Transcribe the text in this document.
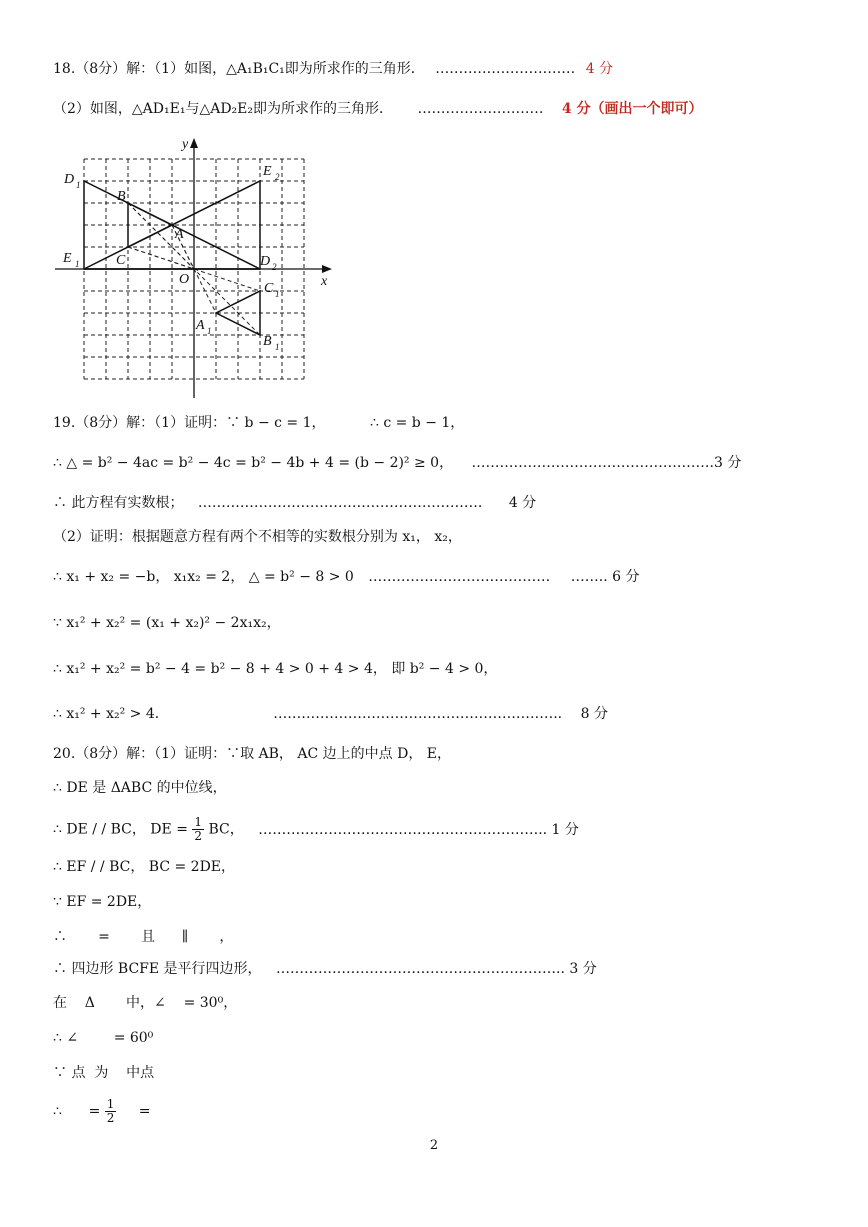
18.（8分）解：（1）如图，△A₁B₁C₁即为所求作的三角形． ………………………… 4 分
（2）如图，△AD₁E₁与△AD₂E₂即为所求作的三角形． ……………………… 4 分（画出一个即可）
x
y
O
D 1
E 2
B
A
E 1	C	D 2
C 1
A 1
B 1
19.（8分）解：（1）证明：∵ b − c = 1，	∴ c = b − 1，
∴ △ = b² − 4ac = b² − 4c = b² − 4b + 4 = (b − 2)² ≥ 0， …………………………………………….3 分
∴ 此方程有实数根； ……………………………………………………. 4 分
（2）证明：根据题意方程有两个不相等的实数根分别为 x₁， x₂，
∴ x₁ + x₂ = −b， x₁x₂ = 2， △ = b² − 8 > 0 ………………………………… …….. 6 分
∵ x₁² + x₂² = (x₁ + x₂)² − 2x₁x₂，
∴ x₁² + x₂² = b² − 4 = b² − 8 + 4 > 0 + 4 > 4， 即 b² − 4 > 0，
∴ x₁² + x₂² > 4．	…………………………………………………….. 8 分
20.（8分）解：（1）证明：∵取 AB， AC 边上的中点 D， E，
∴ DE 是 ΔABC 的中位线，
∴ DE / / BC， DE = $\frac{1}{2}$ BC， …………………………………………………….. 1 分
∴ EF / / BC， BC = 2DE，
∵ EF = 2DE，
∴       =       且      ∥       ，
∴ 四边形 BCFE 是平行四边形， …………………………………………………….. 3 分
在    Δ       中，∠    = 30⁰，
∴ ∠        = 60⁰
∵ 点  为    中点
∴      = $\frac{1}{2}$ =
2
